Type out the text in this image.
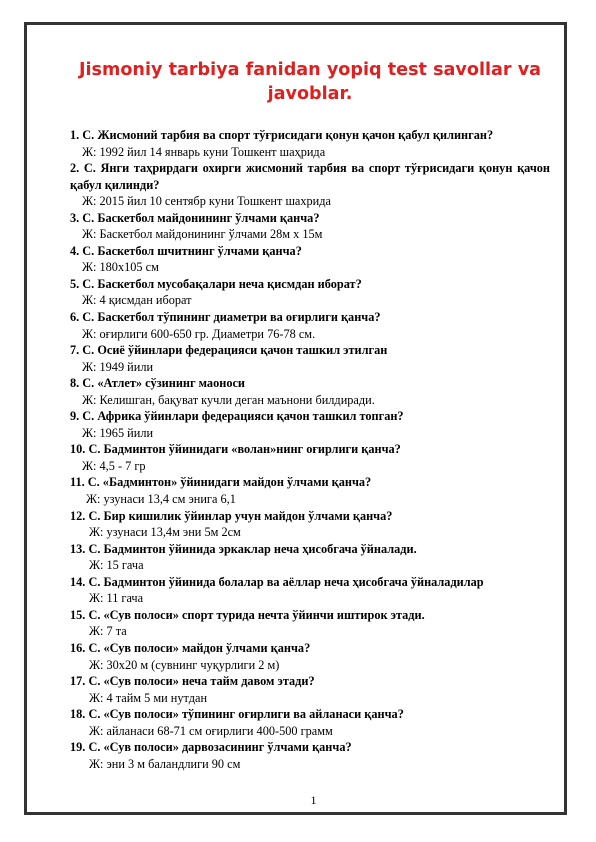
Jismoniy tarbiya fanidan yopiq test savollar va javoblar.

1. С. Жисмоний тарбия ва спорт тўғрисидаги қонун қачон қабул қилинган?

Ж: 1992 йил 14 январь куни Тошкент шаҳрида

2. С. Янги таҳрирдаги охирги жисмоний тарбия ва спорт тўғрисидаги қонун қачон қабул қилинди?

Ж: 2015 йил 10 сентябр куни Тошкент шахрида

3. С. Баскетбол майдонининг ўлчами қанча?

Ж: Баскетбол майдонининг ўлчами 28м х 15м

4. С. Баскетбол шчитнинг ўлчами қанча?

Ж: 180х105 см

5. С. Баскетбол мусобақалари неча қисмдан иборат?

Ж: 4 қисмдан иборат

6. С. Баскетбол тўпининг диаметри ва оғирлиги қанча?

Ж: оғирлиги 600-650 гр. Диаметри 76-78 см.

7. С. Осиё ўйинлари федерацияси қачон ташкил этилган

Ж: 1949 йили

8. С. «Атлет» сўзининг маоноси

Ж: Келишган, бақуват кучли деган маънони билдиради.

9. С. Африка ўйинлари федерацияси қачон ташкил топган?

Ж: 1965 йили

10. С. Бадминтон ўйинидаги «волан»нинг оғирлиги қанча?

Ж: 4,5 - 7 гр

11. С. «Бадминтон» ўйинидаги майдон ўлчами қанча?

Ж: узунаси 13,4 см энига 6,1

12. С. Бир кишилик ўйинлар учун майдон ўлчами қанча?

Ж: узунаси 13,4м эни 5м 2см

13. С. Бадминтон ўйинида эркаклар неча ҳисобгача ўйналади.

Ж: 15 гача

14. С. Бадминтон ўйинида болалар ва аёллар неча ҳисобгача ўйналадилар

Ж: 11 гача

15. С. «Сув полоси» спорт турида нечта ўйинчи иштирок этади.

Ж: 7 та

16. С. «Сув полоси» майдон ўлчами қанча?

Ж: 30х20 м (сувнинг чуқурлиги 2 м)

17. С. «Сув полоси» неча тайм давом этади?

Ж: 4 тайм 5 ми нутдан

18. С. «Сув полоси» тўпининг оғирлиги ва айланаси қанча?

Ж: айланаси 68-71 см оғирлиги 400-500 грамм

19. С. «Сув полоси» дарвозасининг ўлчами қанча?

Ж: эни 3 м баландлиги 90 см

1
